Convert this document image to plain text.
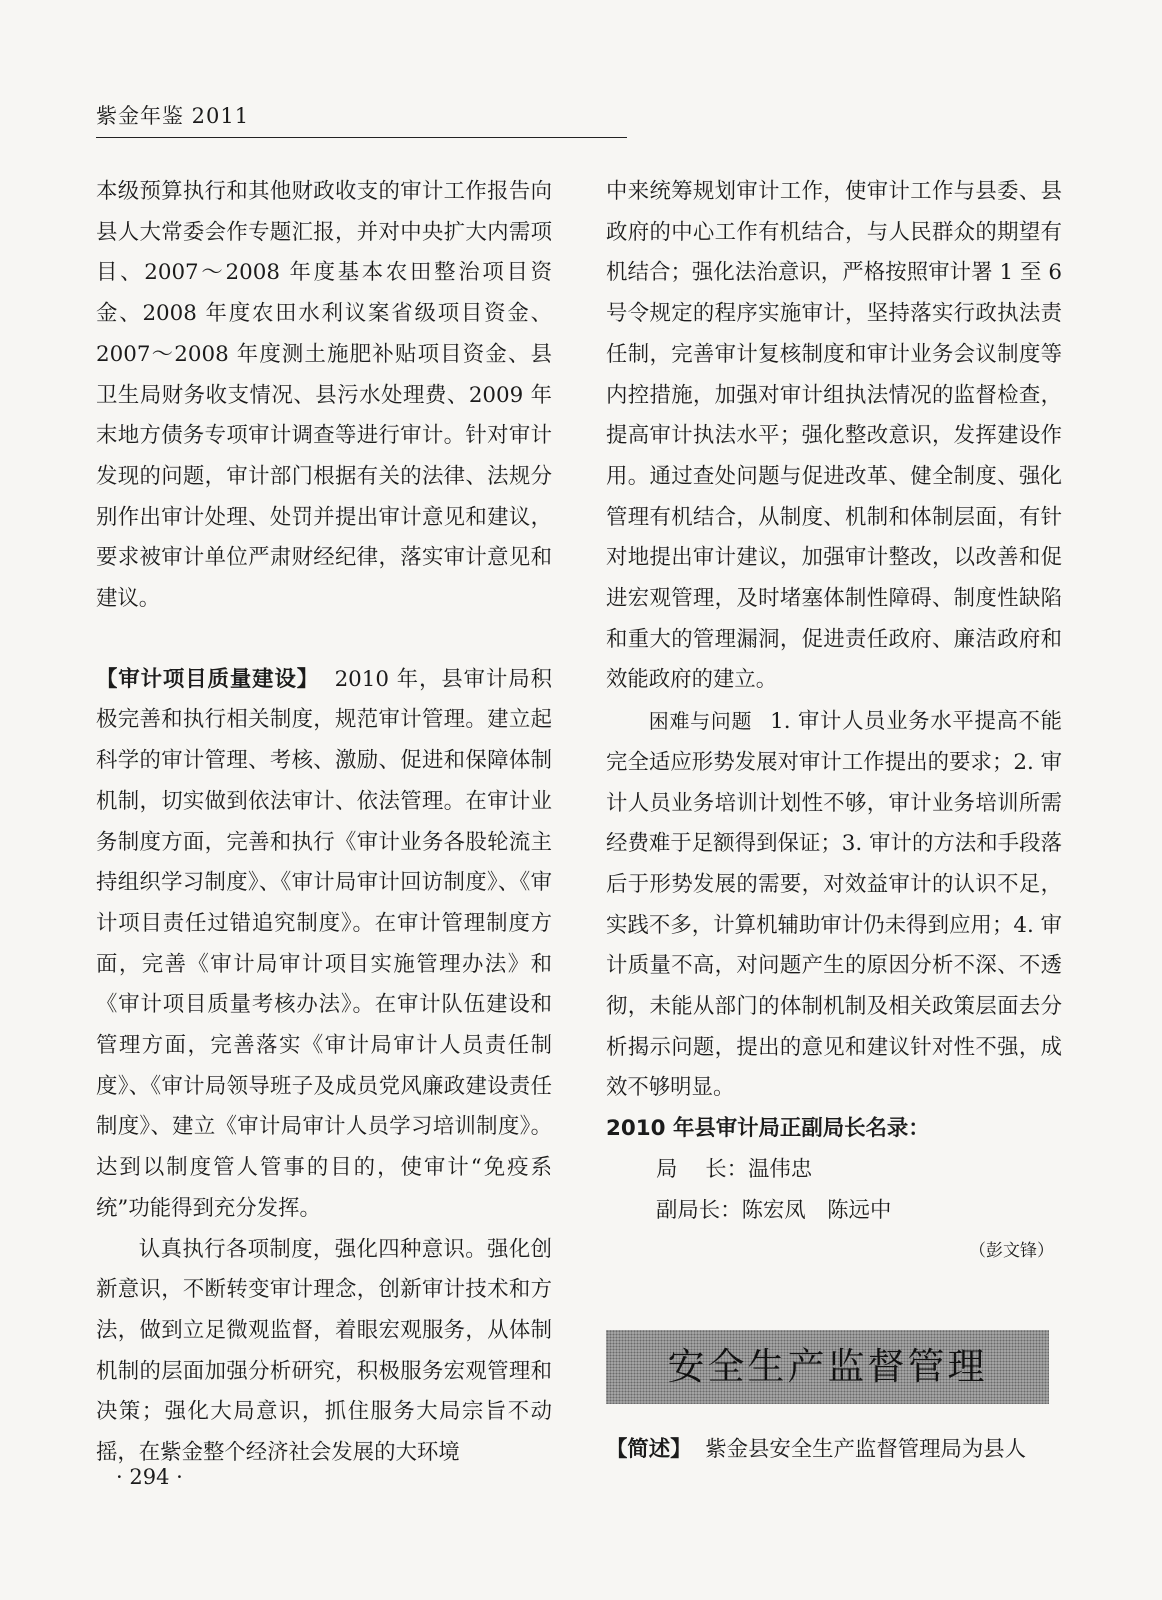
紫金年鉴 2011

本级预算执行和其他财政收支的审计工作报告向县人大常委会作专题汇报，并对中央扩大内需项目、2007～2008 年度基本农田整治项目资金、2008 年度农田水利议案省级项目资金、2007～2008 年度测土施肥补贴项目资金、县卫生局财务收支情况、县污水处理费、2009 年末地方债务专项审计调查等进行审计。针对审计发现的问题，审计部门根据有关的法律、法规分别作出审计处理、处罚并提出审计意见和建议，要求被审计单位严肃财经纪律，落实审计意见和建议。

【审计项目质量建设】 2010 年，县审计局积极完善和执行相关制度，规范审计管理。建立起科学的审计管理、考核、激励、促进和保障体制机制，切实做到依法审计、依法管理。在审计业务制度方面，完善和执行《审计业务各股轮流主持组织学习制度》、《审计局审计回访制度》、《审计项目责任过错追究制度》。在审计管理制度方面，完善《审计局审计项目实施管理办法》和《审计项目质量考核办法》。在审计队伍建设和管理方面，完善落实《审计局审计人员责任制度》、《审计局领导班子及成员党风廉政建设责任制度》、建立《审计局审计人员学习培训制度》。达到以制度管人管事的目的，使审计“免疫系统”功能得到充分发挥。

认真执行各项制度，强化四种意识。强化创新意识，不断转变审计理念，创新审计技术和方法，做到立足微观监督，着眼宏观服务，从体制机制的层面加强分析研究，积极服务宏观管理和决策；强化大局意识，抓住服务大局宗旨不动摇，在紫金整个经济社会发展的大环境

中来统筹规划审计工作，使审计工作与县委、县政府的中心工作有机结合，与人民群众的期望有机结合；强化法治意识，严格按照审计署 1 至 6 号令规定的程序实施审计，坚持落实行政执法责任制，完善审计复核制度和审计业务会议制度等内控措施，加强对审计组执法情况的监督检查，提高审计执法水平；强化整改意识，发挥建设作用。通过查处问题与促进改革、健全制度、强化管理有机结合，从制度、机制和体制层面，有针对地提出审计建议，加强审计整改，以改善和促进宏观管理，及时堵塞体制性障碍、制度性缺陷和重大的管理漏洞，促进责任政府、廉洁政府和效能政府的建立。

困难与问题 1. 审计人员业务水平提高不能完全适应形势发展对审计工作提出的要求；2. 审计人员业务培训计划性不够，审计业务培训所需经费难于足额得到保证；3. 审计的方法和手段落后于形势发展的需要，对效益审计的认识不足，实践不多，计算机辅助审计仍未得到应用；4. 审计质量不高，对问题产生的原因分析不深、不透彻，未能从部门的体制机制及相关政策层面去分析揭示问题，提出的意见和建议针对性不强，成效不够明显。

2010 年县审计局正副局长名录：

局 长：温伟忠

副局长：陈宏凤 陈远中

（彭文锋）

安全生产监督管理

【简述】 紫金县安全生产监督管理局为县人

· 294 ·
